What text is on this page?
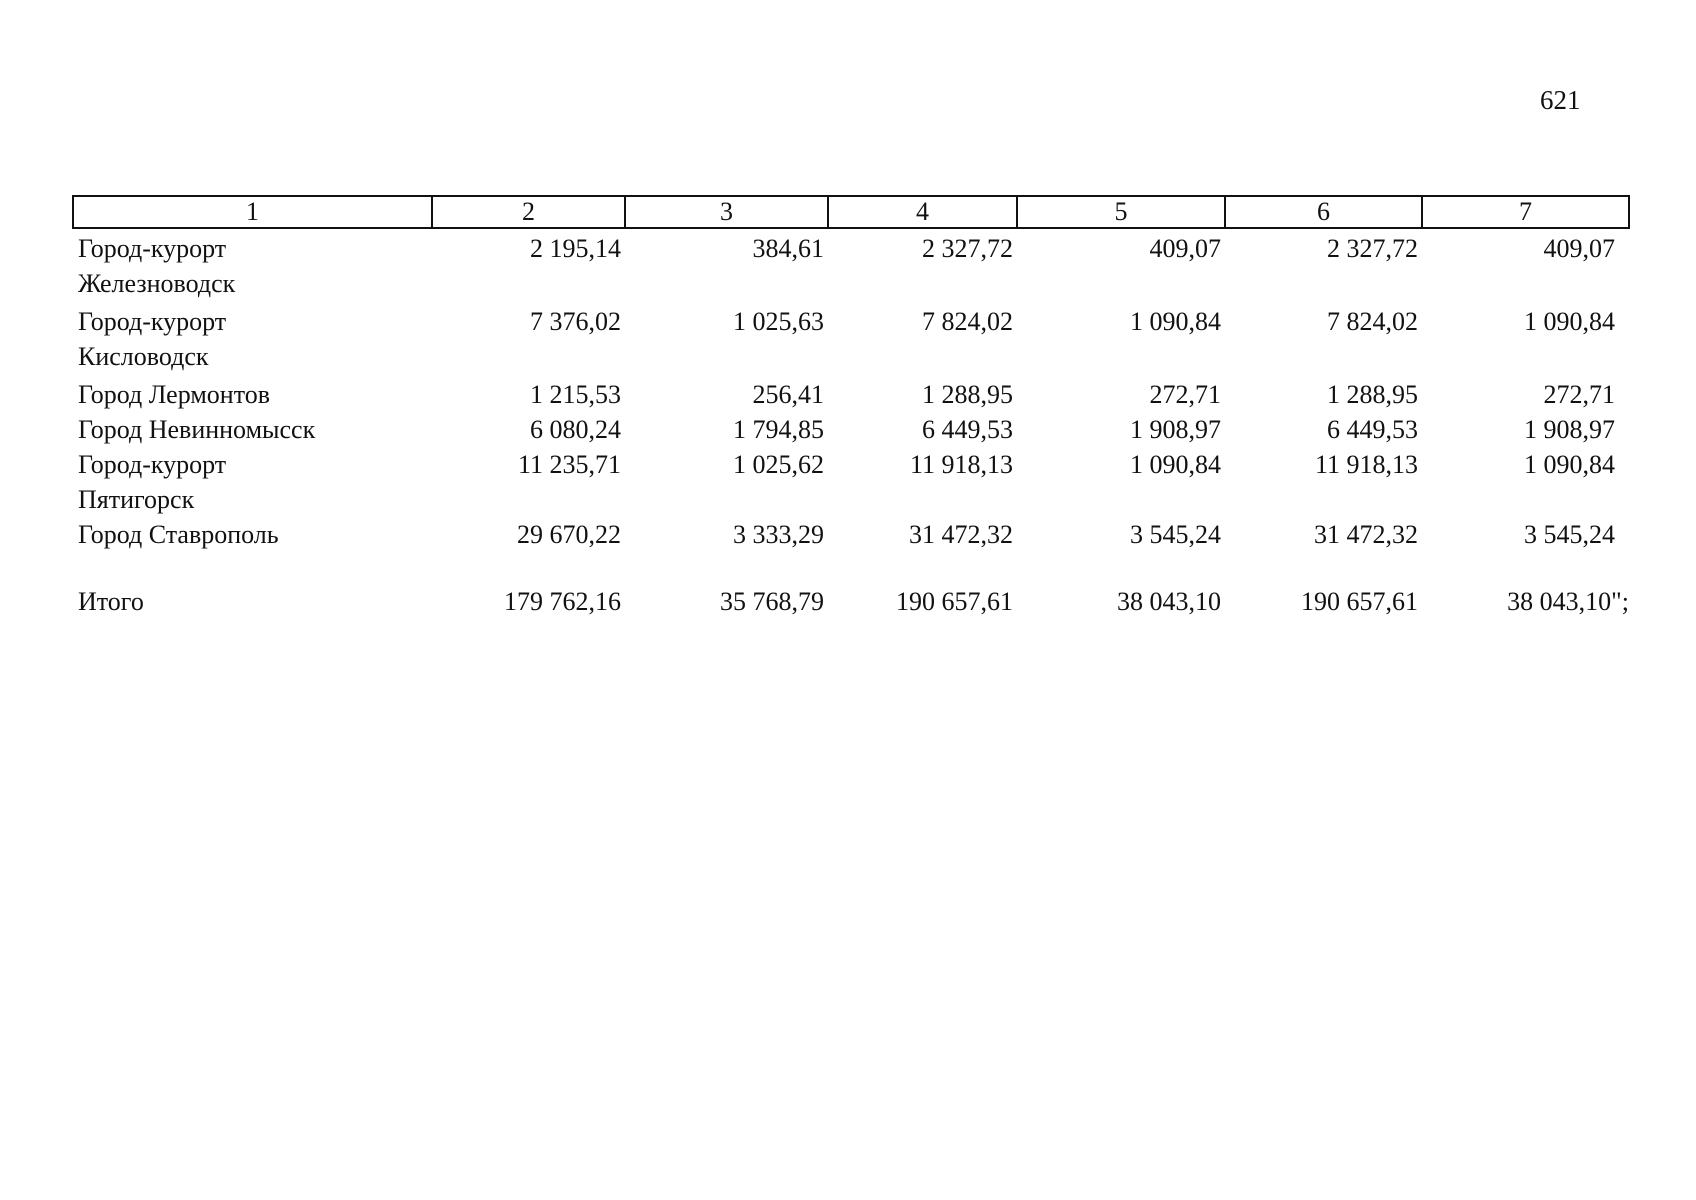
621
1	2	3	4	5	6	7
Город-курорт
Железноводск	2 195,14	384,61	2 327,72	409,07	2 327,72	409,07
Город-курорт
Кисловодск	7 376,02	1 025,63	7 824,02	1 090,84	7 824,02	1 090,84
Город Лермонтов	1 215,53	256,41	1 288,95	272,71	1 288,95	272,71
Город Невинномысск	6 080,24	1 794,85	6 449,53	1 908,97	6 449,53	1 908,97
Город-курорт
Пятигорск	11 235,71	1 025,62	11 918,13	1 090,84	11 918,13	1 090,84
Город Ставрополь	29 670,22	3 333,29	31 472,32	3 545,24	31 472,32	3 545,24

Итого	179 762,16	35 768,79	190 657,61	38 043,10	190 657,61	38 043,10";
